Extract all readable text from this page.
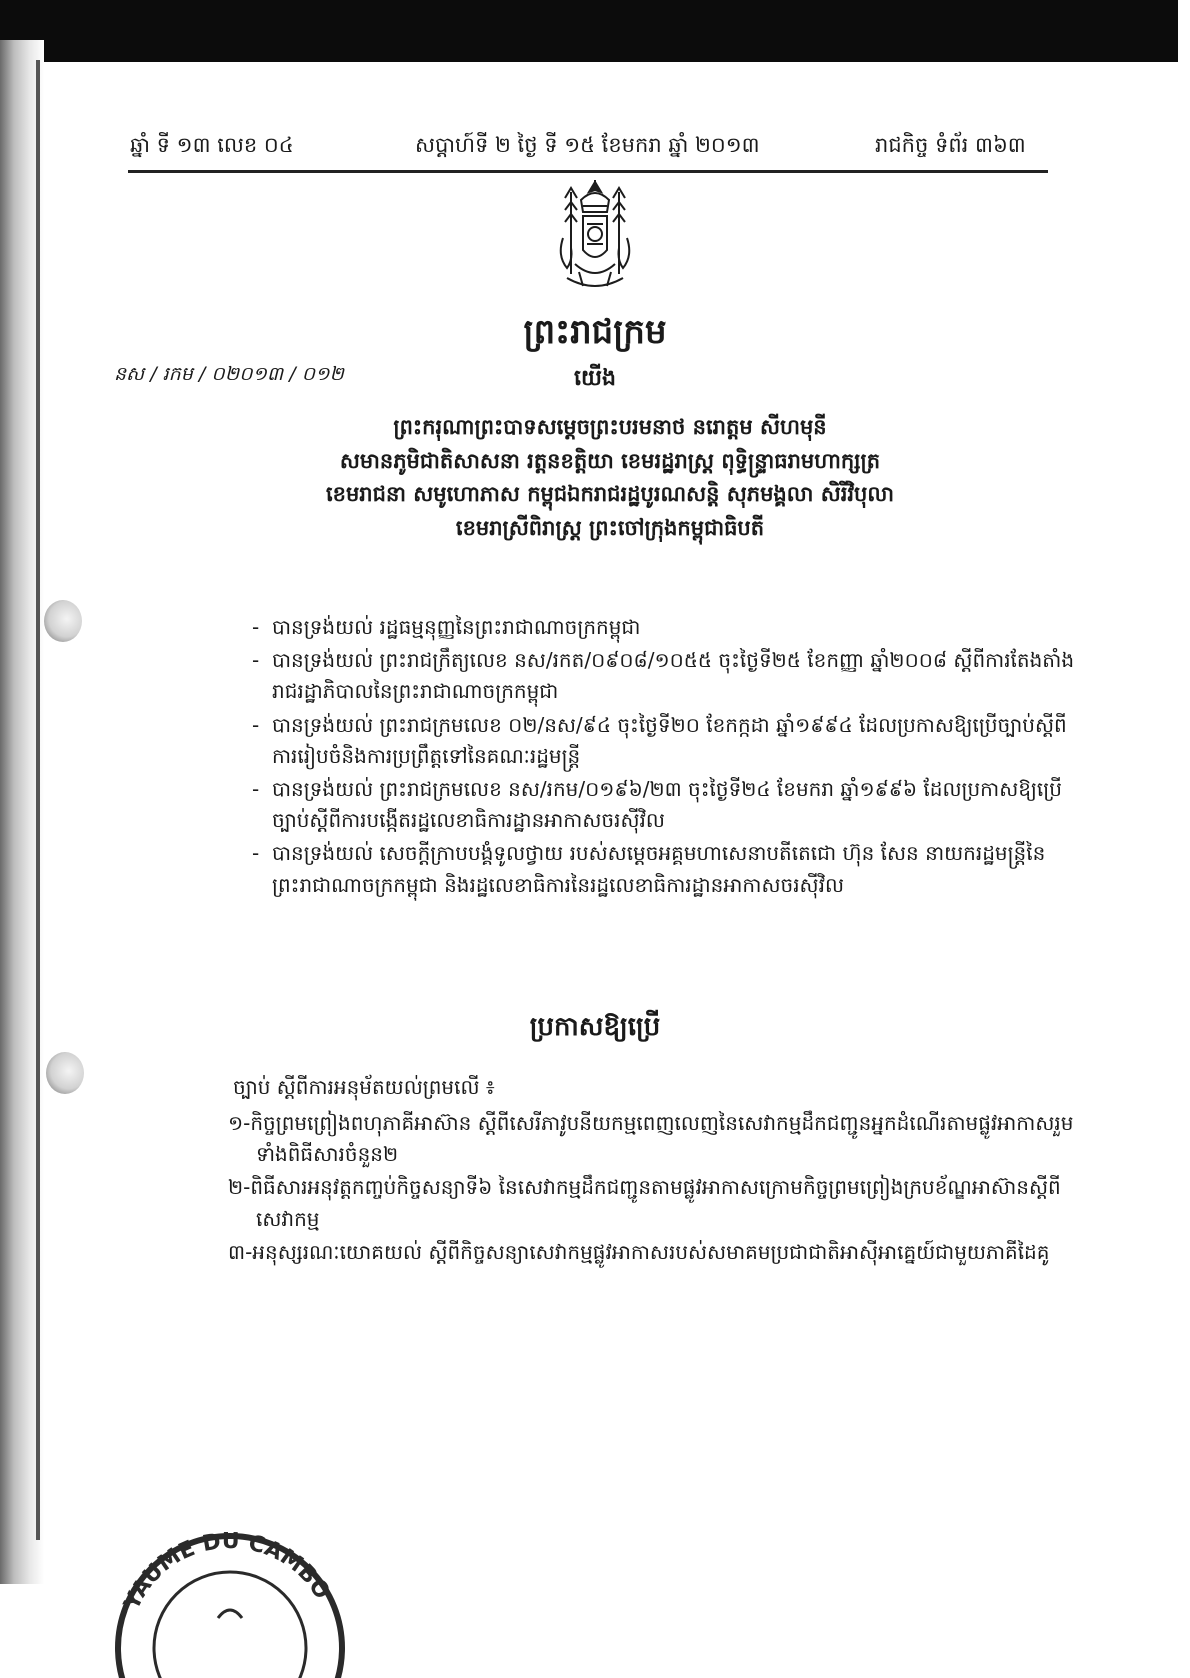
ឆ្នាំ ទី ១៣ លេខ ០៤	សប្តាហ៍ទី ២ ថ្ងៃ ទី ១៥ ខែមករា ឆ្នាំ ២០១៣	រាជកិច្ច ទំព័រ ៣៦៣
ព្រះរាជក្រម
នស / រកម / ០២០១៣ / ០១២	យើង
ព្រះករុណាព្រះបាទសម្តេចព្រះបរមនាថ នរោត្តម សីហមុនី
សមានភូមិជាតិសាសនា រត្តនខត្តិយា ខេមរដ្ឋរាស្ត្រ ពុទ្ធិន្ទ្រាធរាមហាក្សត្រ
ខេមរាជនា សមូហោភាស កម្ពុជឯករាជរដ្ឋបូរណសន្តិ សុភមង្គលា សិរីវិបុលា
ខេមរាស្រីពិរាស្ត្រ ព្រះចៅក្រុងកម្ពុជាធិបតី
- បានទ្រង់យល់ រដ្ឋធម្មនុញ្ញនៃព្រះរាជាណាចក្រកម្ពុជា
- បានទ្រង់យល់ ព្រះរាជក្រឹត្យលេខ នស/រកត/០៩០៨/១០៥៥ ចុះថ្ងៃទី២៥ ខែកញ្ញា ឆ្នាំ២០០៨ ស្តីពីការតែងតាំងរាជរដ្ឋាភិបាលនៃព្រះរាជាណាចក្រកម្ពុជា
- បានទ្រង់យល់ ព្រះរាជក្រមលេខ ០២/នស/៩៤ ចុះថ្ងៃទី២០ ខែកក្កដា ឆ្នាំ១៩៩៤ ដែលប្រកាសឱ្យប្រើច្បាប់ស្តីពីការរៀបចំនិងការប្រព្រឹត្តទៅនៃគណៈរដ្ឋមន្ត្រី
- បានទ្រង់យល់ ព្រះរាជក្រមលេខ នស/រកម/០១៩៦/២៣ ចុះថ្ងៃទី២៤ ខែមករា ឆ្នាំ១៩៩៦ ដែលប្រកាសឱ្យប្រើច្បាប់ស្តីពីការបង្កើតរដ្ឋលេខាធិការដ្ឋានអាកាសចរស៊ីវិល
- បានទ្រង់យល់ សេចក្តីក្រាបបង្គំទូលថ្វាយ របស់សម្តេចអគ្គមហាសេនាបតីតេជោ ហ៊ុន សែន នាយករដ្ឋមន្ត្រីនៃព្រះរាជាណាចក្រកម្ពុជា និងរដ្ឋលេខាធិការនៃរដ្ឋលេខាធិការដ្ឋានអាកាសចរស៊ីវិល
ប្រកាសឱ្យប្រើ
ច្បាប់ ស្តីពីការអនុម័តយល់ព្រមលើ ៖
១-កិច្ចព្រមព្រៀងពហុភាគីអាស៊ាន ស្តីពីសេរីភាវូបនីយកម្មពេញលេញនៃសេវាកម្មដឹកជញ្ជូនអ្នកដំណើរតាមផ្លូវអាកាសរួមទាំងពិធីសារចំនួន២
២-ពិធីសារអនុវត្តកញ្ចប់កិច្ចសន្យាទី៦ នៃសេវាកម្មដឹកជញ្ជូនតាមផ្លូវអាកាសក្រោមកិច្ចព្រមព្រៀងក្របខ័ណ្ឌអាស៊ានស្តីពីសេវាកម្ម
៣-អនុស្សរណៈយោគយល់ ស្តីពីកិច្ចសន្យាសេវាកម្មផ្លូវអាកាសរបស់សមាគមប្រជាជាតិអាស៊ីអាគ្នេយ៍ជាមួយភាគីដៃគូ
YAUME DU CAMBO
